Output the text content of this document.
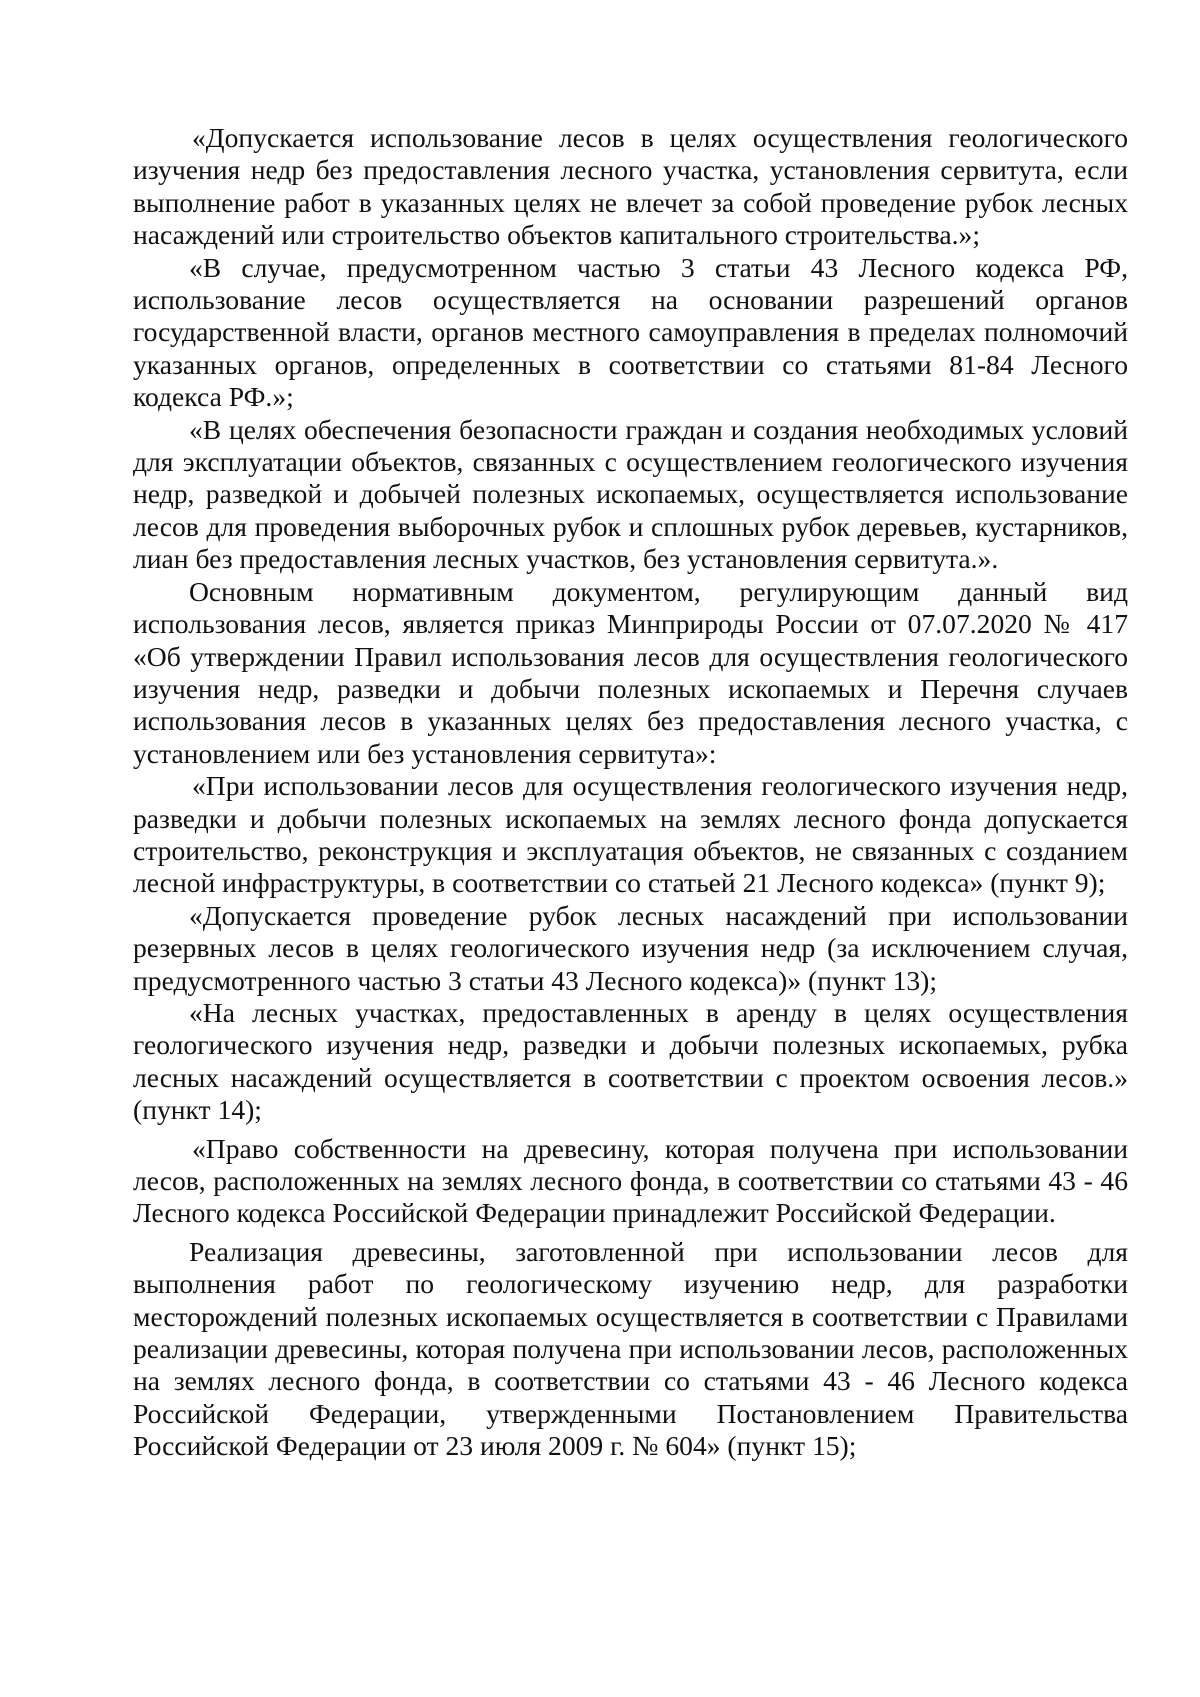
«Допускается использование лесов в целях осуществления геологического изучения недр без предоставления лесного участка, установления сервитута, если выполнение работ в указанных целях не влечет за собой проведение рубок лесных насаждений или строительство объектов капитального строительства.»;

«В случае, предусмотренном частью 3 статьи 43 Лесного кодекса РФ, использование лесов осуществляется на основании разрешений органов государственной власти, органов местного самоуправления в пределах полномочий указанных органов, определенных в соответствии со статьями 81-84 Лесного кодекса РФ.»;

«В целях обеспечения безопасности граждан и создания необходимых условий для эксплуатации объектов, связанных с осуществлением геологического изучения недр, разведкой и добычей полезных ископаемых, осуществляется использование лесов для проведения выборочных рубок и сплошных рубок деревьев, кустарников, лиан без предоставления лесных участков, без установления сервитута.».

Основным нормативным документом, регулирующим данный вид использования лесов, является приказ Минприроды России от 07.07.2020 № 417 «Об утверждении Правил использования лесов для осуществления геологического изучения недр, разведки и добычи полезных ископаемых и Перечня случаев использования лесов в указанных целях без предоставления лесного участка, с установлением или без установления сервитута»:

«При использовании лесов для осуществления геологического изучения недр, разведки и добычи полезных ископаемых на землях лесного фонда допускается строительство, реконструкция и эксплуатация объектов, не связанных с созданием лесной инфраструктуры, в соответствии со статьей 21 Лесного кодекса» (пункт 9);

«Допускается проведение рубок лесных насаждений при использовании резервных лесов в целях геологического изучения недр (за исключением случая, предусмотренного частью 3 статьи 43 Лесного кодекса)» (пункт 13);

«На лесных участках, предоставленных в аренду в целях осуществления геологического изучения недр, разведки и добычи полезных ископаемых, рубка лесных насаждений осуществляется в соответствии с проектом освоения лесов.» (пункт 14);

«Право собственности на древесину, которая получена при использовании лесов, расположенных на землях лесного фонда, в соответствии со статьями 43 - 46 Лесного кодекса Российской Федерации принадлежит Российской Федерации.

Реализация древесины, заготовленной при использовании лесов для выполнения работ по геологическому изучению недр, для разработки месторождений полезных ископаемых осуществляется в соответствии с Правилами реализации древесины, которая получена при использовании лесов, расположенных на землях лесного фонда, в соответствии со статьями 43 - 46 Лесного кодекса Российской Федерации, утвержденными Постановлением Правительства Российской Федерации от 23 июля 2009 г. № 604» (пункт 15);
